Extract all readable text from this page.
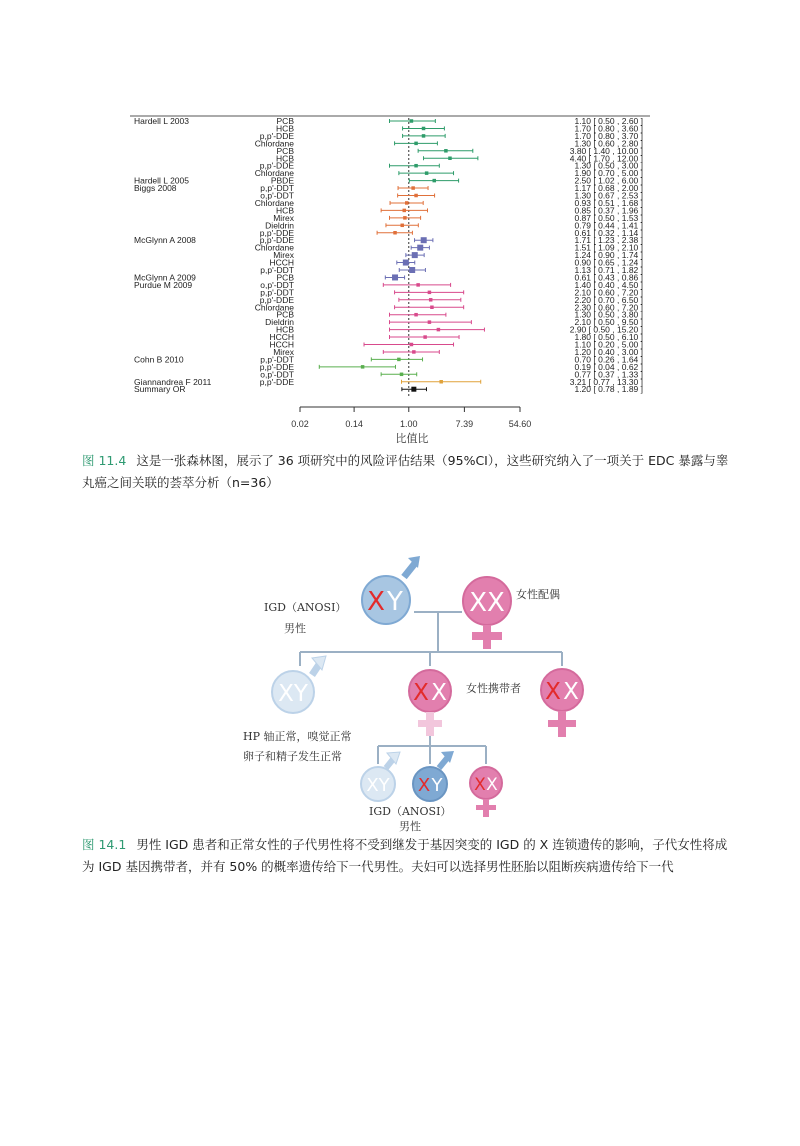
Hardell L 2003	PCB	1.10 [ 0.50 , 2.60 ]
HCB	1.70 [ 0.80 , 3.60 ]
p,p'-DDE	1.70 [ 0.80 , 3.70 ]
Chlordane	1.30 [ 0.60 , 2.80 ]
PCB	3.80 [ 1.40 , 10.00 ]
HCB	4.40 [ 1.70 , 12.00 ]
p,p'-DDE	1.30 [ 0.50 , 3.00 ]
Chlordane	1.90 [ 0.70 , 5.00 ]
Hardell L 2005	PBDE	2.50 [ 1.02 , 6.00 ]
Biggs 2008	p,p'-DDT	1.17 [ 0.68 , 2.00 ]
o,p'-DDT	1.30 [ 0.67 , 2.53 ]
Chlordane	0.93 [ 0.51 , 1.68 ]
HCB	0.85 [ 0.37 , 1.96 ]
Mirex	0.87 [ 0.50 , 1.53 ]
Dieldrin	0.79 [ 0.44 , 1.41 ]
p,p'-DDE	0.61 [ 0.32 , 1.14 ]
McGlynn A 2008	p,p'-DDE	1.71 [ 1.23 , 2.38 ]
Chlordane	1.51 [ 1.09 , 2.10 ]
Mirex	1.24 [ 0.90 , 1.74 ]
HCCH	0.90 [ 0.65 , 1.24 ]
p,p'-DDT	1.13 [ 0.71 , 1.82 ]
McGlynn A 2009	PCB	0.61 [ 0.43 , 0.86 ]
Purdue M 2009	o,p'-DDT	1.40 [ 0.40 , 4.50 ]
p,p'-DDT	2.10 [ 0.60 , 7.20 ]
p,p'-DDE	2.20 [ 0.70 , 6.50 ]
Chlordane	2.30 [ 0.60 , 7.20 ]
PCB	1.30 [ 0.50 , 3.80 ]
Dieldrin	2.10 [ 0.50 , 9.50 ]
HCB	2.90 [ 0.50 , 15.20 ]
HCCH	1.80 [ 0.50 , 6.10 ]
HCCH	1.10 [ 0.20 , 5.00 ]
Mirex	1.20 [ 0.40 , 3.00 ]
Cohn B 2010	p,p'-DDT	0.70 [ 0.26 , 1.64 ]
p,p'-DDE	0.19 [ 0.04 , 0.62 ]
o,p'-DDT	0.77 [ 0.37 , 1.33 ]
Giannandrea F 2011	p,p'-DDE	3.21 [ 0.77 , 13.30 ]
Summary OR	1.20 [ 0.78 , 1.89 ]
0.02	0.14	1.00	7.39	54.60
比值比
图 11.4 这是一张森林图，展示了 36 项研究中的风险评估结果（95%CI），这些研究纳入了一项关于 EDC 暴露与睾丸癌之间关联的荟萃分析（n=36）
X Y	XX 女性配偶
IGD（ANOSI）
男性
XY
HP 轴正常，嗅觉正常
卵子和精子发生正常
X X 女性携带者 X X
XY X Y X X
IGD（ANOSI）
男性
图 14.1 男性 IGD 患者和正常女性的子代男性将不受到继发于基因突变的 IGD 的 X 连锁遗传的影响，子代女性将成为 IGD 基因携带者，并有 50% 的概率遗传给下一代男性。夫妇可以选择男性胚胎以阻断疾病遗传给下一代
